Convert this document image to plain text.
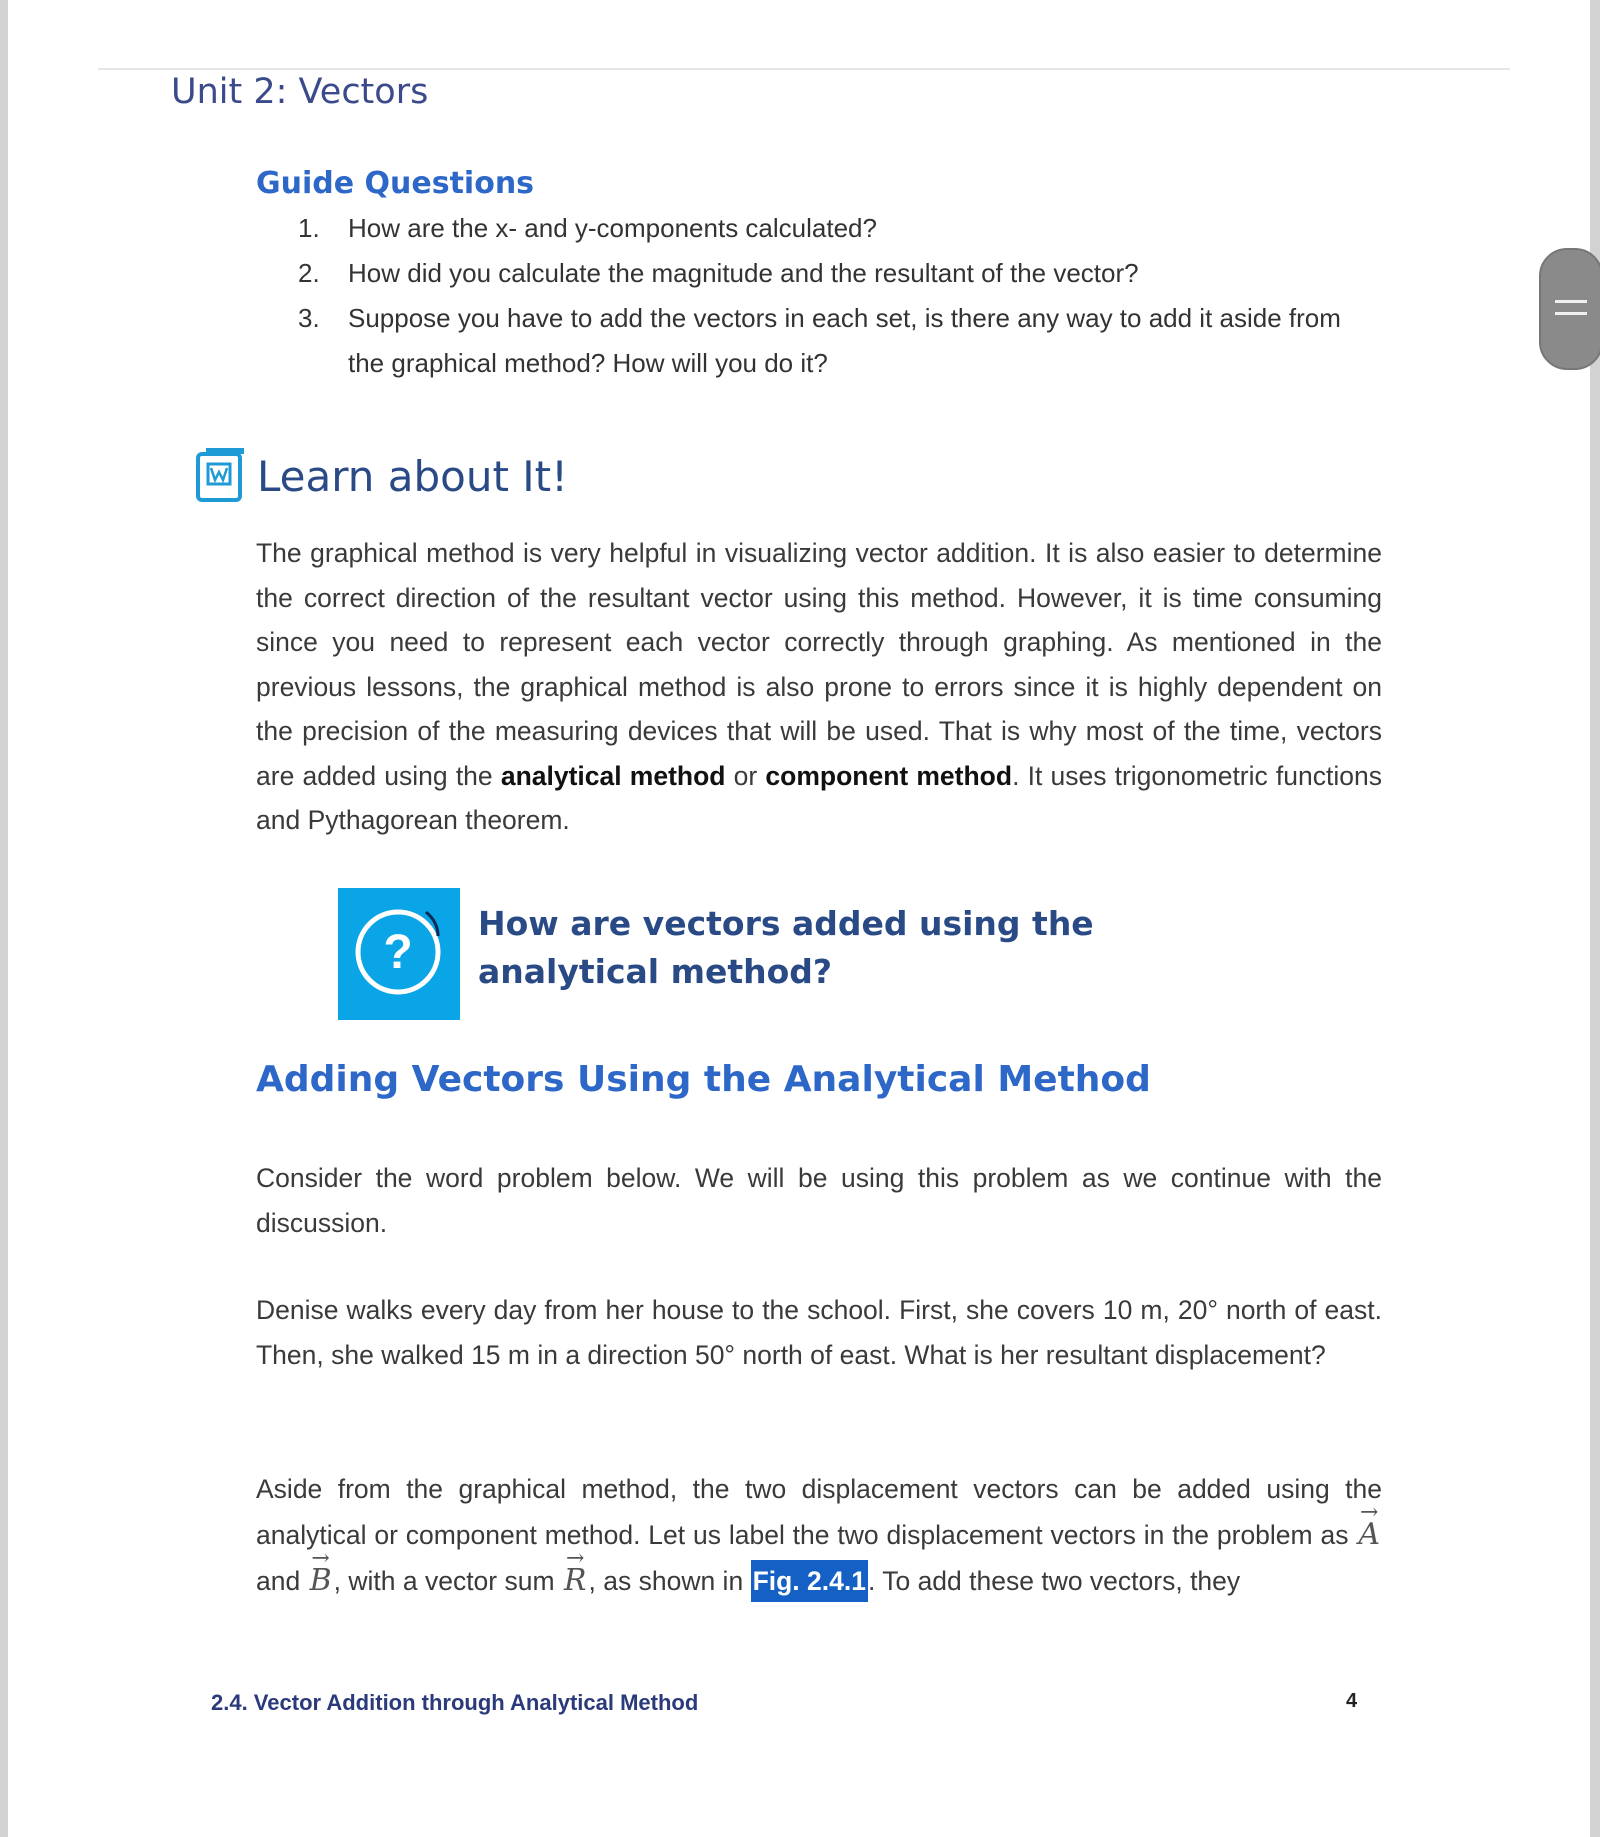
Unit 2: Vectors
Guide Questions
1. How are the x- and y-components calculated?
2. How did you calculate the magnitude and the resultant of the vector?
3. Suppose you have to add the vectors in each set, is there any way to add it aside from the graphical method? How will you do it?
Learn about It!

The graphical method is very helpful in visualizing vector addition. It is also easier to determine the correct direction of the resultant vector using this method. However, it is time consuming since you need to represent each vector correctly through graphing. As mentioned in the previous lessons, the graphical method is also prone to errors since it is highly dependent on the precision of the measuring devices that will be used. That is why most of the time, vectors are added using the analytical method or component method. It uses trigonometric functions and Pythagorean theorem.

?
How are vectors added using the analytical method?
Adding Vectors Using the Analytical Method

Consider the word problem below. We will be using this problem as we continue with the discussion.

Denise walks every day from her house to the school. First, she covers 10 m, 20° north of east. Then, she walked 15 m in a direction 50° north of east. What is her resultant displacement?

Aside from the graphical method, the two displacement vectors can be added using the analytical or component method. Let us label the two displacement vectors in the problem as → A and → B, with a vector sum → R, as shown in Fig. 2.4.1. To add these two vectors, they

2.4. Vector Addition through Analytical Method	4
